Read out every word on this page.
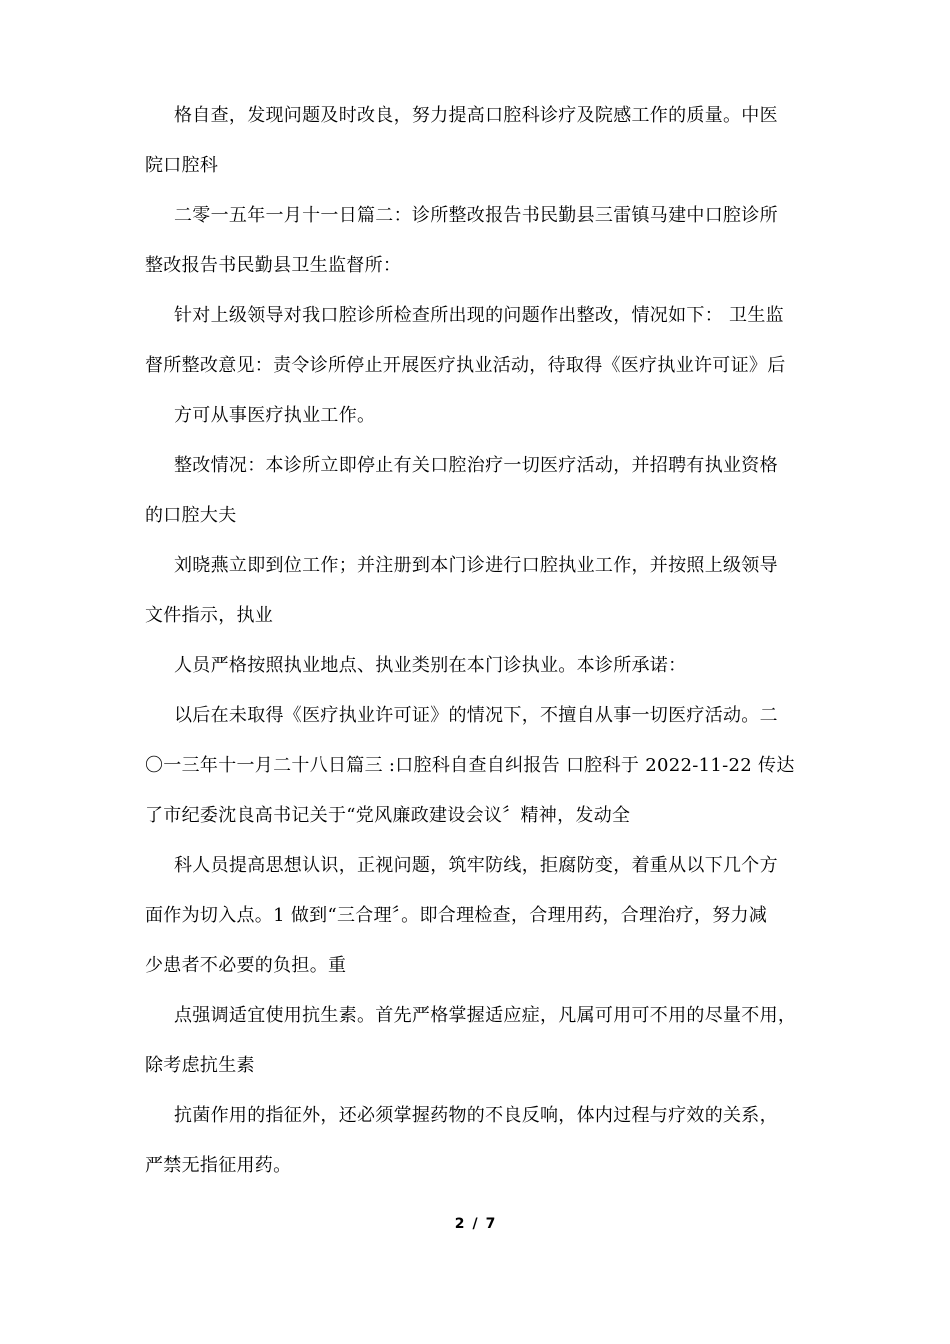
格自查，发现问题及时改良，努力提高口腔科诊疗及院感工作的质量。中医
院口腔科
二零一五年一月十一日篇二：诊所整改报告书民勤县三雷镇马建中口腔诊所
整改报告书民勤县卫生监督所：
针对上级领导对我口腔诊所检查所出现的问题作出整改，情况如下： 卫生监
督所整改意见：责令诊所停止开展医疗执业活动，待取得《医疗执业许可证》后
方可从事医疗执业工作。
整改情况：本诊所立即停止有关口腔治疗一切医疗活动，并招聘有执业资格
的口腔大夫
刘晓燕立即到位工作；并注册到本门诊进行口腔执业工作，并按照上级领导
文件指示，执业
人员严格按照执业地点、执业类别在本门诊执业。本诊所承诺：
以后在未取得《医疗执业许可证》的情况下，不擅自从事一切医疗活动。二
〇一三年十一月二十八日篇三 :口腔科自查自纠报告 口腔科于 2022-11-22 传达
了市纪委沈良高书记关于“党风廉政建设会议〞精神，发动全
科人员提高思想认识，正视问题，筑牢防线，拒腐防变，着重从以下几个方
面作为切入点。1 做到“三合理〞。即合理检查，合理用药，合理治疗，努力减
少患者不必要的负担。重
点强调适宜使用抗生素。首先严格掌握适应症，凡属可用可不用的尽量不用，
除考虑抗生素
抗菌作用的指征外，还必须掌握药物的不良反响，体内过程与疗效的关系，
严禁无指征用药。
2 / 7
